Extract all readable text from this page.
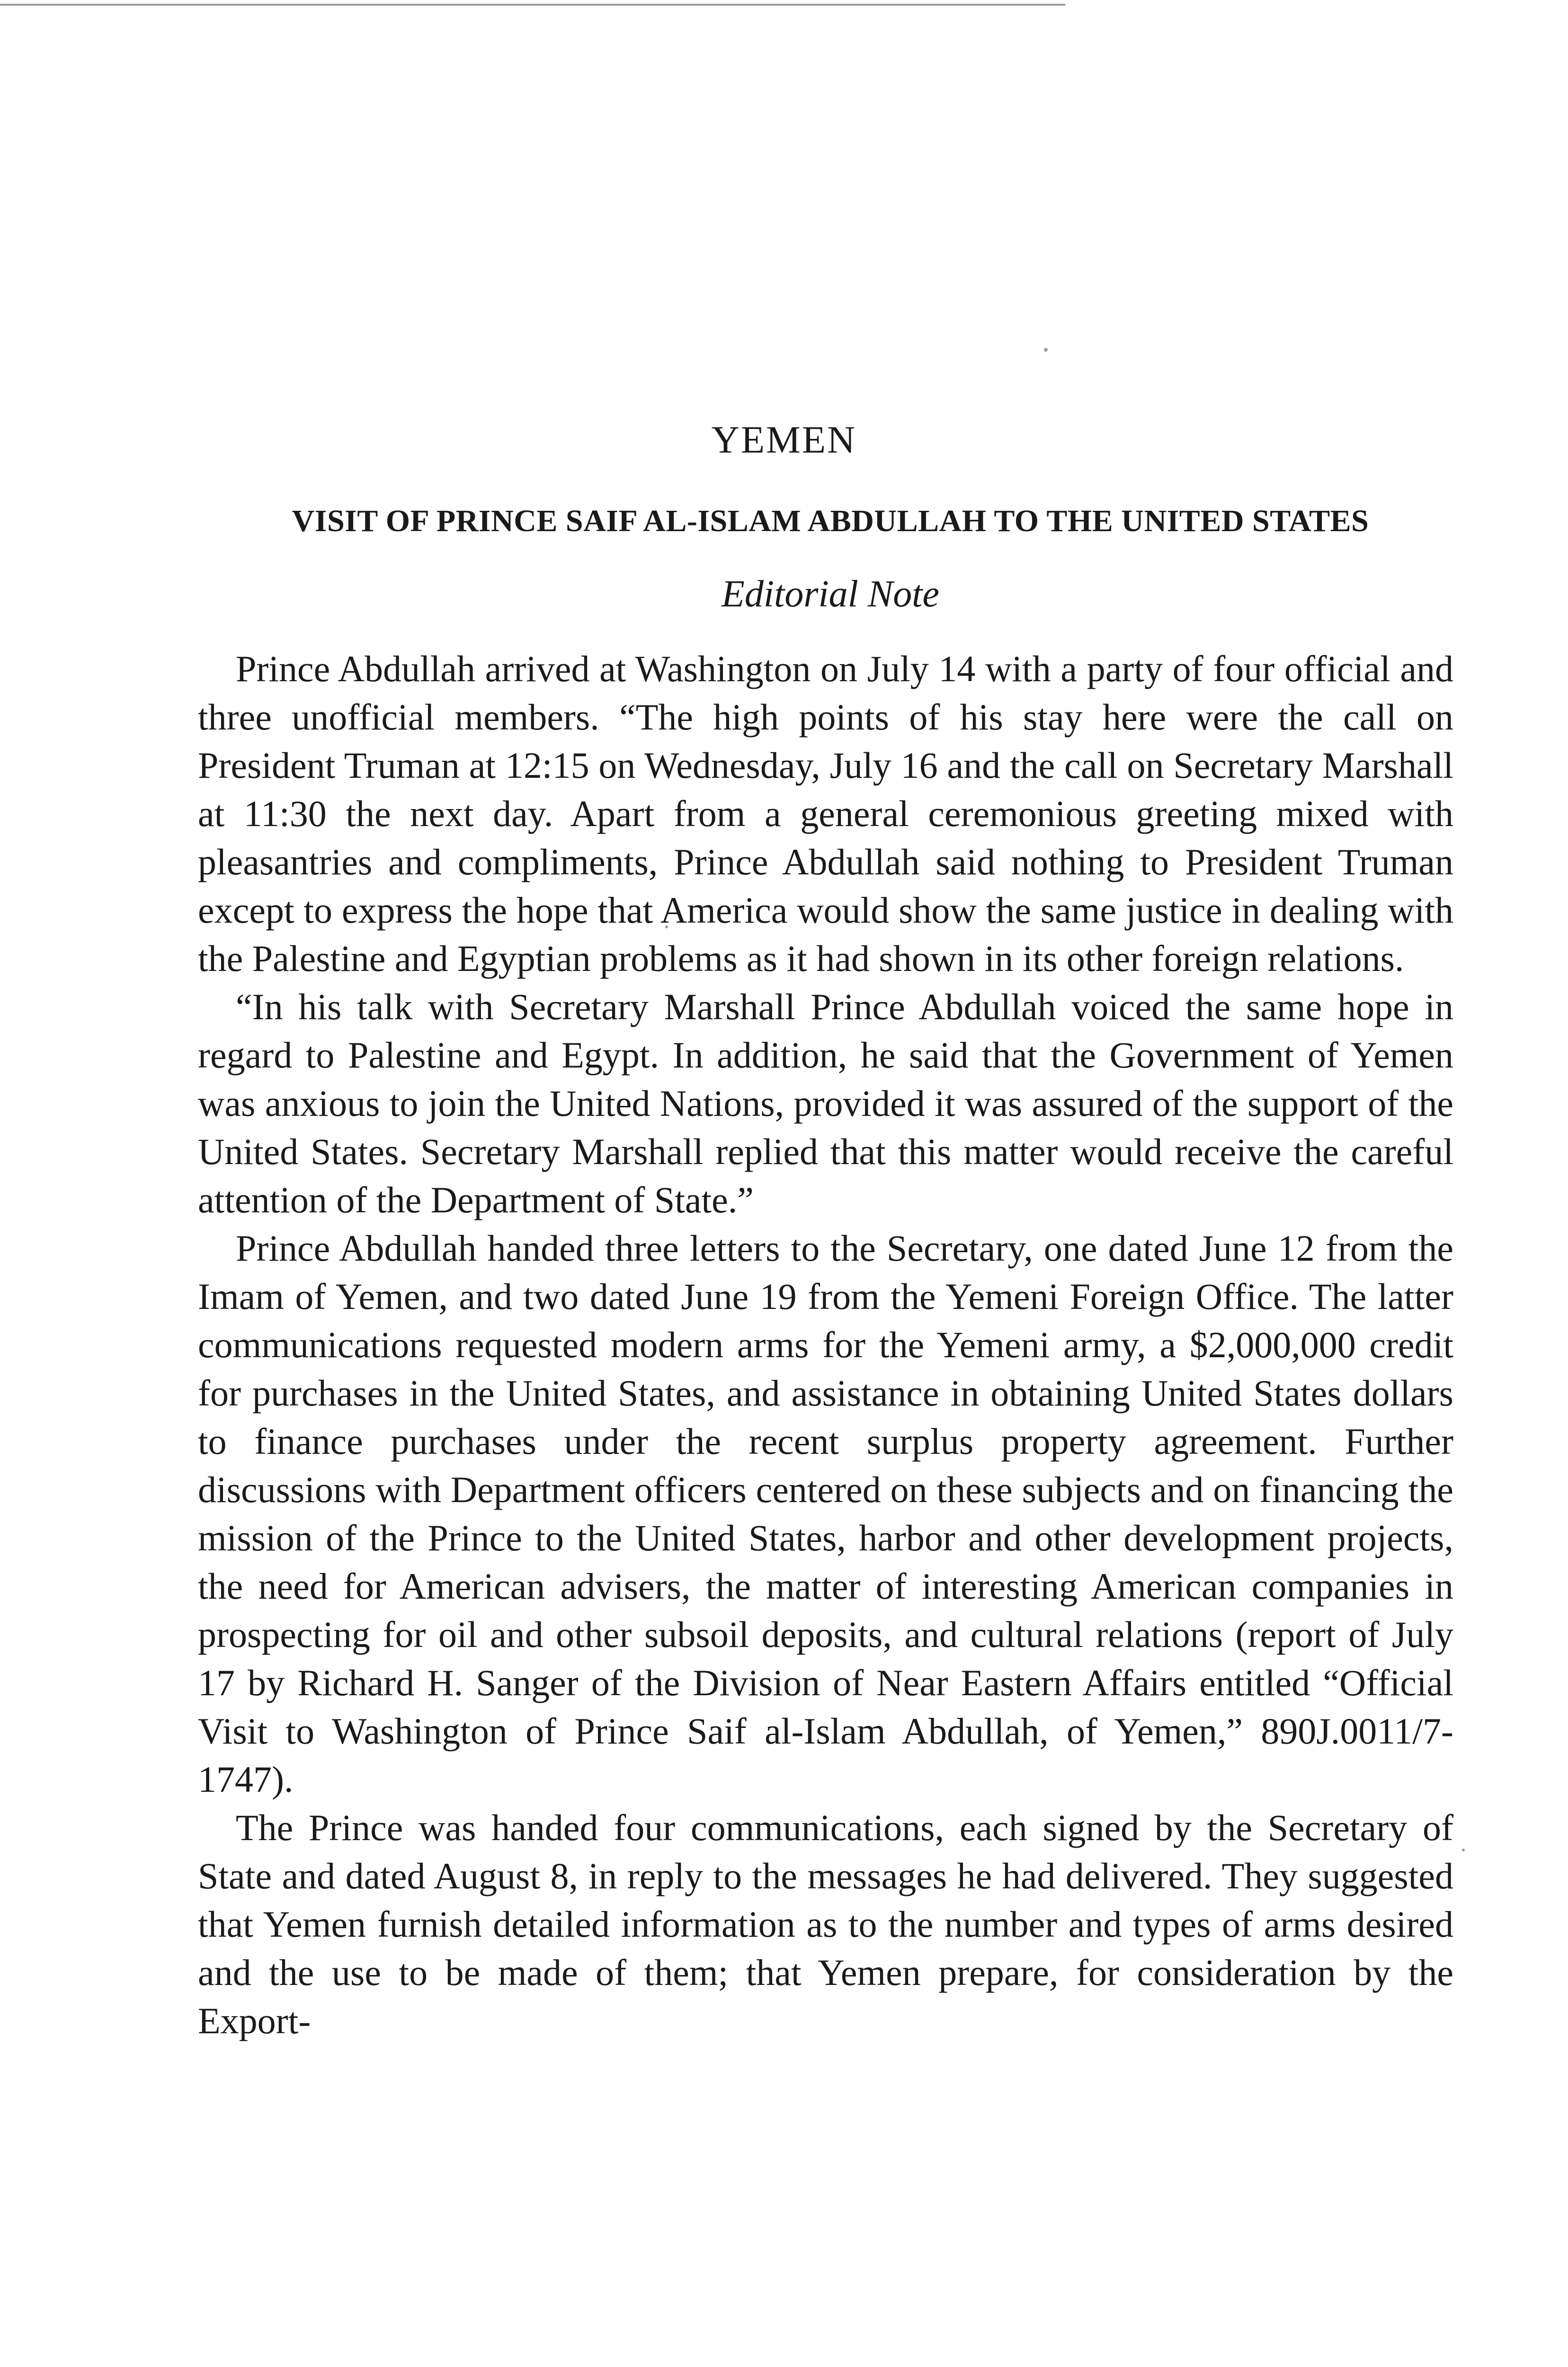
YEMEN
VISIT OF PRINCE SAIF AL-ISLAM ABDULLAH TO THE UNITED STATES
Editorial Note

Prince Abdullah arrived at Washington on July 14 with a party of four official and three unofficial members. “The high points of his stay here were the call on President Truman at 12:15 on Wednesday, July 16 and the call on Secretary Marshall at 11:30 the next day. Apart from a general ceremonious greeting mixed with pleasantries and compliments, Prince Abdullah said nothing to President Truman except to express the hope that America would show the same justice in dealing with the Palestine and Egyptian problems as it had shown in its other foreign relations.

“In his talk with Secretary Marshall Prince Abdullah voiced the same hope in regard to Palestine and Egypt. In addition, he said that the Government of Yemen was anxious to join the United Nations, provided it was assured of the support of the United States. Secretary Marshall replied that this matter would receive the careful attention of the Department of State.”

Prince Abdullah handed three letters to the Secretary, one dated June 12 from the Imam of Yemen, and two dated June 19 from the Yemeni Foreign Office. The latter communications requested modern arms for the Yemeni army, a $2,000,000 credit for purchases in the United States, and assistance in obtaining United States dollars to finance purchases under the recent surplus property agreement. Further discussions with Department officers centered on these subjects and on financing the mission of the Prince to the United States, harbor and other development projects, the need for American advisers, the matter of interesting American companies in prospecting for oil and other subsoil deposits, and cultural relations (report of July 17 by Richard H. Sanger of the Division of Near Eastern Affairs entitled “Official Visit to Washington of Prince Saif al-Islam Abdullah, of Yemen,” 890J.0011/7-1747).

The Prince was handed four communications, each signed by the Secretary of State and dated August 8, in reply to the messages he had delivered. They suggested that Yemen furnish detailed information as to the number and types of arms desired and the use to be made of them; that Yemen prepare, for consideration by the Export-
